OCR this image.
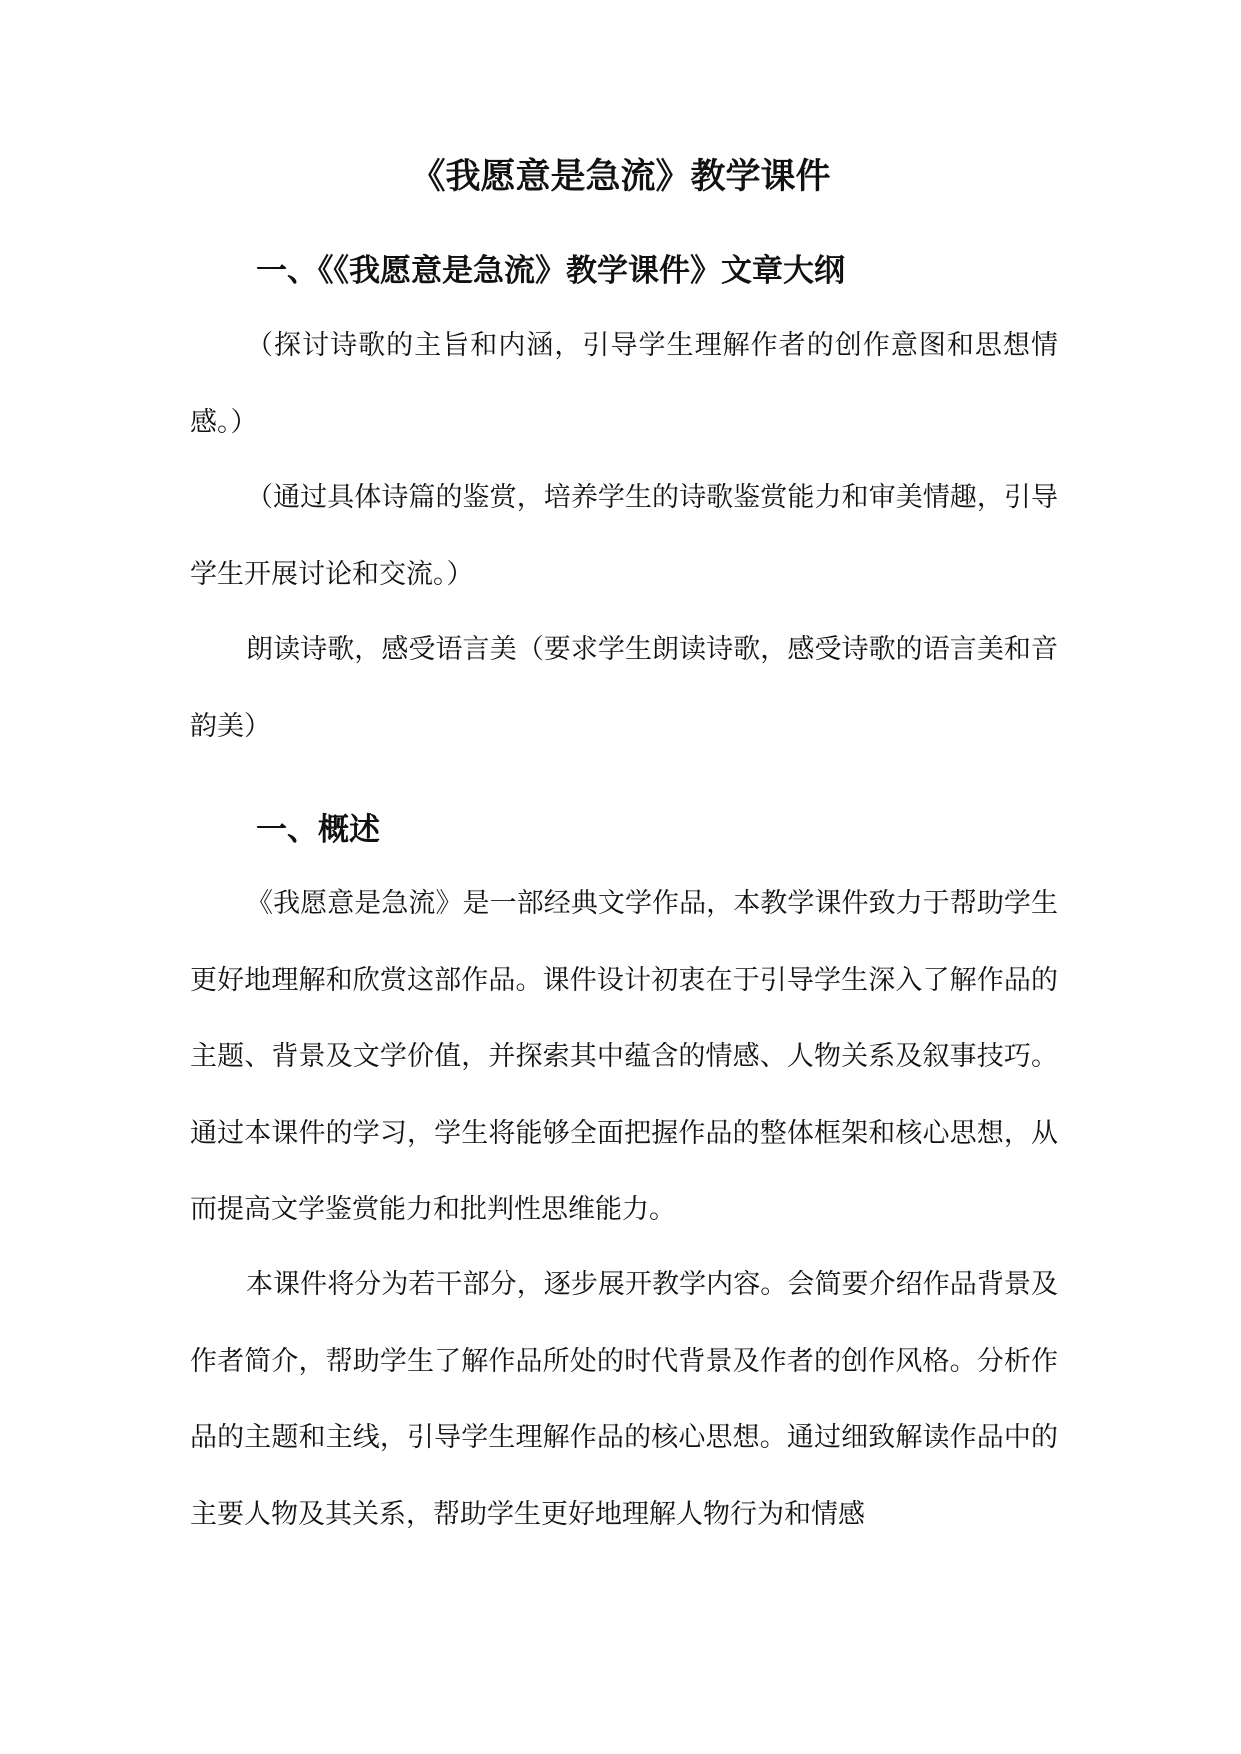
《我愿意是急流》教学课件
一、《《我愿意是急流》教学课件》文章大纲

（探讨诗歌的主旨和内涵，引导学生理解作者的创作意图和思想情感。）

（通过具体诗篇的鉴赏，培养学生的诗歌鉴赏能力和审美情趣，引导学生开展讨论和交流。）

朗读诗歌，感受语言美（要求学生朗读诗歌，感受诗歌的语言美和音韵美）

一、概述

《我愿意是急流》是一部经典文学作品，本教学课件致力于帮助学生更好地理解和欣赏这部作品。课件设计初衷在于引导学生深入了解作品的主题、背景及文学价值，并探索其中蕴含的情感、人物关系及叙事技巧。通过本课件的学习，学生将能够全面把握作品的整体框架和核心思想，从而提高文学鉴赏能力和批判性思维能力。

本课件将分为若干部分，逐步展开教学内容。会简要介绍作品背景及作者简介，帮助学生了解作品所处的时代背景及作者的创作风格。分析作品的主题和主线，引导学生理解作品的核心思想。通过细致解读作品中的主要人物及其关系，帮助学生更好地理解人物行为和情感
